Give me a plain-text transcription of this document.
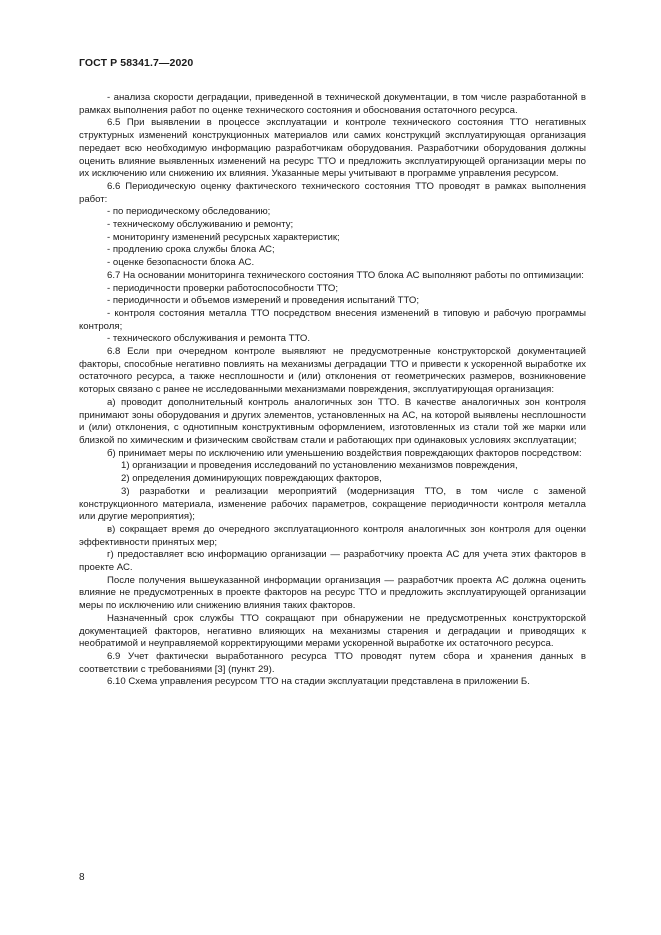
ГОСТ Р 58341.7—2020

- анализа скорости деградации, приведенной в технической документации, в том числе разработанной в рамках выполнения работ по оценке технического состояния и обоснования остаточного ресурса.

6.5 При выявлении в процессе эксплуатации и контроле технического состояния ТТО негативных структурных изменений конструкционных материалов или самих конструкций эксплуатирующая организация передает всю необходимую информацию разработчикам оборудования. Разработчики оборудования должны оценить влияние выявленных изменений на ресурс ТТО и предложить эксплуатирующей организации меры по их исключению или снижению их влияния. Указанные меры учитывают в программе управления ресурсом.

6.6 Периодическую оценку фактического технического состояния ТТО проводят в рамках выполнения работ:

- по периодическому обследованию;

- техническому обслуживанию и ремонту;

- мониторингу изменений ресурсных характеристик;

- продлению срока службы блока АС;

- оценке безопасности блока АС.

6.7 На основании мониторинга технического состояния ТТО блока АС выполняют работы по оптимизации:

- периодичности проверки работоспособности ТТО;

- периодичности и объемов измерений и проведения испытаний ТТО;

- контроля состояния металла ТТО посредством внесения изменений в типовую и рабочую программы контроля;

- технического обслуживания и ремонта ТТО.

6.8 Если при очередном контроле выявляют не предусмотренные конструкторской документацией факторы, способные негативно повлиять на механизмы деградации ТТО и привести к ускоренной выработке их остаточного ресурса, а также несплошности и (или) отклонения от геометрических размеров, возникновение которых связано с ранее не исследованными механизмами повреждения, эксплуатирующая организация:

а) проводит дополнительный контроль аналогичных зон ТТО. В качестве аналогичных зон контроля принимают зоны оборудования и других элементов, установленных на АС, на которой выявлены несплошности и (или) отклонения, с однотипным конструктивным оформлением, изготовленных из стали той же марки или близкой по химическим и физическим свойствам стали и работающих при одинаковых условиях эксплуатации;

б) принимает меры по исключению или уменьшению воздействия повреждающих факторов посредством:

1) организации и проведения исследований по установлению механизмов повреждения,

2) определения доминирующих повреждающих факторов,

3) разработки и реализации мероприятий (модернизация ТТО, в том числе с заменой конструкционного материала, изменение рабочих параметров, сокращение периодичности контроля металла или другие мероприятия);

в) сокращает время до очередного эксплуатационного контроля аналогичных зон контроля для оценки эффективности принятых мер;

г) предоставляет всю информацию организации — разработчику проекта АС для учета этих факторов в проекте АС.

После получения вышеуказанной информации организация — разработчик проекта АС должна оценить влияние не предусмотренных в проекте факторов на ресурс ТТО и предложить эксплуатирующей организации меры по исключению или снижению влияния таких факторов.

Назначенный срок службы ТТО сокращают при обнаружении не предусмотренных конструкторской документацией факторов, негативно влияющих на механизмы старения и деградации и приводящих к необратимой и неуправляемой корректирующими мерами ускоренной выработке их остаточного ресурса.

6.9 Учет фактически выработанного ресурса ТТО проводят путем сбора и хранения данных в соответствии с требованиями [3] (пункт 29).

6.10 Схема управления ресурсом ТТО на стадии эксплуатации представлена в приложении Б.

8
